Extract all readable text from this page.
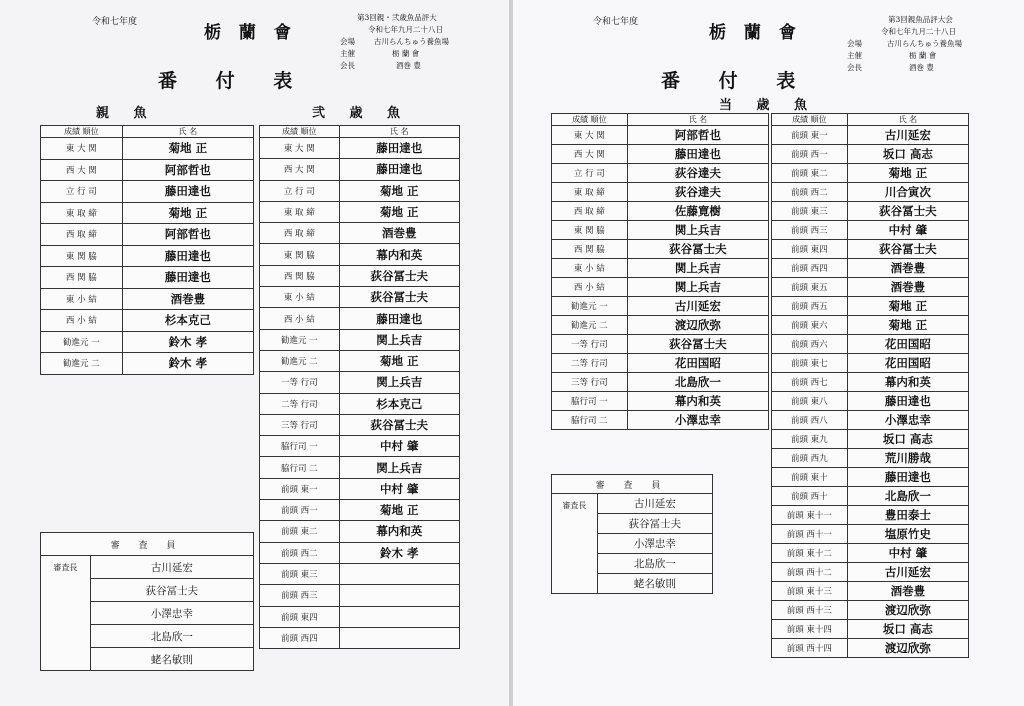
令和七年度
栃 蘭 會
第3回親・弐歳魚品評大
令和七年九月二十八日
会場	古川らんちゅう養魚場
主催	栃 蘭 會
会長	酒巻 豊
番 付 表
親 魚	弐 歳 魚
成績 順位	氏 名
東 大 関	菊地 正
西 大 関	阿部哲也
立 行 司	藤田達也
東 取 締	菊地 正
西 取 締	阿部哲也
東 関 脇	藤田達也
西 関 脇	藤田達也
東 小 結	酒巻豊
西 小 結	杉本克己
勧進元 一	鈴木 孝
勧進元 二	鈴木 孝
成績 順位	氏 名
東 大 関	藤田達也
西 大 関	藤田達也
立 行 司	菊地 正
東 取 締	菊地 正
西 取 締	酒巻豊
東 関 脇	幕内和英
西 関 脇	荻谷冨士夫
東 小 結	荻谷冨士夫
西 小 結	藤田達也
勧進元 一	関上兵吉
勧進元 二	菊地 正
一等 行司	関上兵吉
二等 行司	杉本克己
三等 行司	荻谷冨士夫
脇行司 一	中村 肇
脇行司 二	関上兵吉
前頭 東一	中村 肇
前頭 西一	菊地 正
前頭 東二	幕内和英
前頭 西二	鈴木 孝
前頭 東三	
前頭 西三	
前頭 東四	
前頭 西四	
審 査 員
審査長	古川延宏
荻谷冨士夫
小澤忠幸
北島欣一
蛯名敏則
令和七年度
栃 蘭 會
第3回親魚品評大会
令和七年九月二十八日
会場	古川らんちゅう養魚場
主催	栃 蘭 會
会長	酒巻 豊
番 付 表
当 歳 魚
成績 順位	氏 名
東 大 関	阿部哲也
西 大 関	藤田達也
立 行 司	荻谷達夫
東 取 締	荻谷達夫
西 取 締	佐藤寛樹
東 関 脇	関上兵吉
西 関 脇	荻谷冨士夫
東 小 結	関上兵吉
西 小 結	関上兵吉
勧進元 一	古川延宏
勧進元 二	渡辺欣弥
一等 行司	荻谷冨士夫
二等 行司	花田国昭
三等 行司	北島欣一
脇行司 一	幕内和英
脇行司 二	小澤忠幸
成績 順位	氏 名
前頭 東一	古川延宏
前頭 西一	坂口 高志
前頭 東二	菊地 正
前頭 西二	川合寅次
前頭 東三	荻谷冨士夫
前頭 西三	中村 肇
前頭 東四	荻谷冨士夫
前頭 西四	酒巻豊
前頭 東五	酒巻豊
前頭 西五	菊地 正
前頭 東六	菊地 正
前頭 西六	花田国昭
前頭 東七	花田国昭
前頭 西七	幕内和英
前頭 東八	藤田達也
前頭 西八	小澤忠幸
前頭 東九	坂口 高志
前頭 西九	荒川勝哉
前頭 東十	藤田達也
前頭 西十	北島欣一
前頭 東十一	豊田泰士
前頭 西十一	塩原竹史
前頭 東十二	中村 肇
前頭 西十二	古川延宏
前頭 東十三	酒巻豊
前頭 西十三	渡辺欣弥
前頭 東十四	坂口 高志
前頭 西十四	渡辺欣弥
審 査 員
審査長	古川延宏
荻谷冨士夫
小澤忠幸
北島欣一
蛯名敏則
